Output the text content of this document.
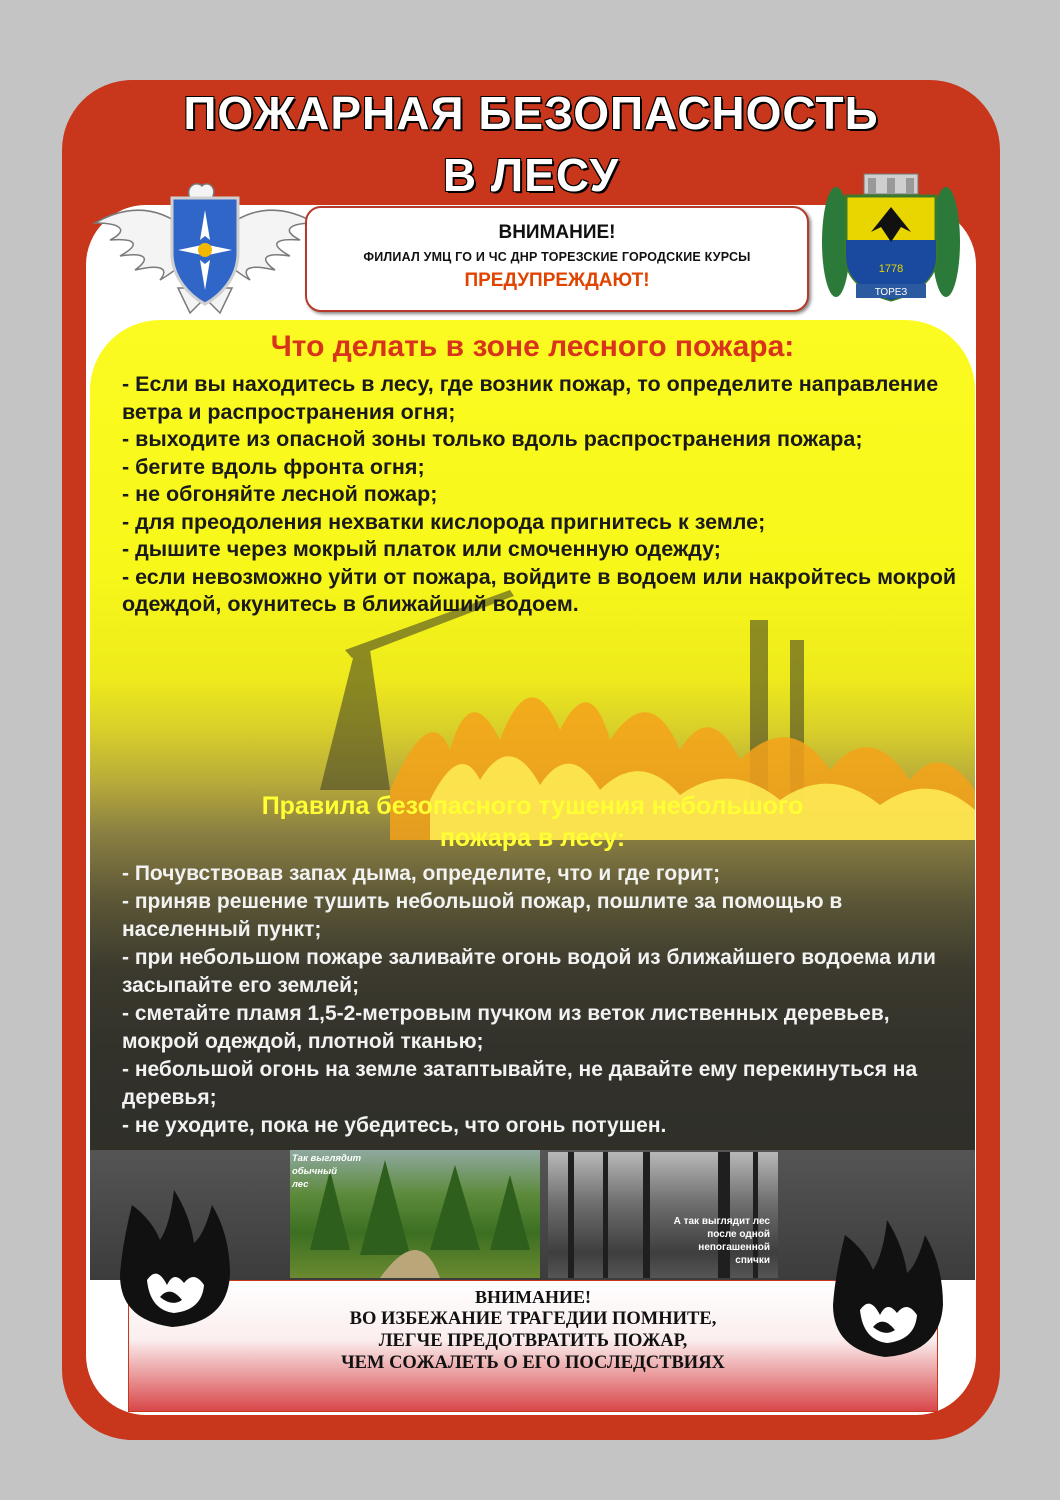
ПОЖАРНАЯ БЕЗОПАСНОСТЬ
В ЛЕСУ
1778
ТОРЕЗ
ВНИМАНИЕ!
ФИЛИАЛ УМЦ ГО И ЧС ДНР ТОРЕЗСКИЕ ГОРОДСКИЕ КУРСЫ
ПРЕДУПРЕЖДАЮТ!
Что делать в зоне лесного пожара:
- Если вы находитесь в лесу, где возник пожар, то определите направление ветра и распространения огня;
- выходите из опасной зоны только вдоль распространения пожара;
- бегите вдоль фронта огня;
- не обгоняйте лесной пожар;
- для преодоления нехватки кислорода пригнитесь к земле;
- дышите через мокрый платок или смоченную одежду;
- если невозможно уйти от пожара, войдите в водоем или накройтесь мокрой одеждой, окунитесь в ближайший водоем.
Правила безопасного тушения небольшого
пожара в лесу:
- Почувствовав запах дыма, определите, что и где горит;
- приняв решение тушить небольшой пожар, пошлите за помощью в населенный пункт;
- при небольшом пожаре заливайте огонь водой из ближайшего водоема или засыпайте его землей;
- сметайте пламя 1,5-2-метровым пучком из веток лиственных деревьев, мокрой одеждой, плотной тканью;
- небольшой огонь на земле затаптывайте, не давайте ему перекинуться на деревья;
- не уходите, пока не убедитесь, что огонь потушен.
Так выглядит
обычный
лес
А так выглядит лес
после одной
непогашенной
спички
ВНИМАНИЕ!
ВО ИЗБЕЖАНИЕ ТРАГЕДИИ ПОМНИТЕ,
ЛЕГЧЕ ПРЕДОТВРАТИТЬ ПОЖАР,
ЧЕМ СОЖАЛЕТЬ О ЕГО ПОСЛЕДСТВИЯХ
